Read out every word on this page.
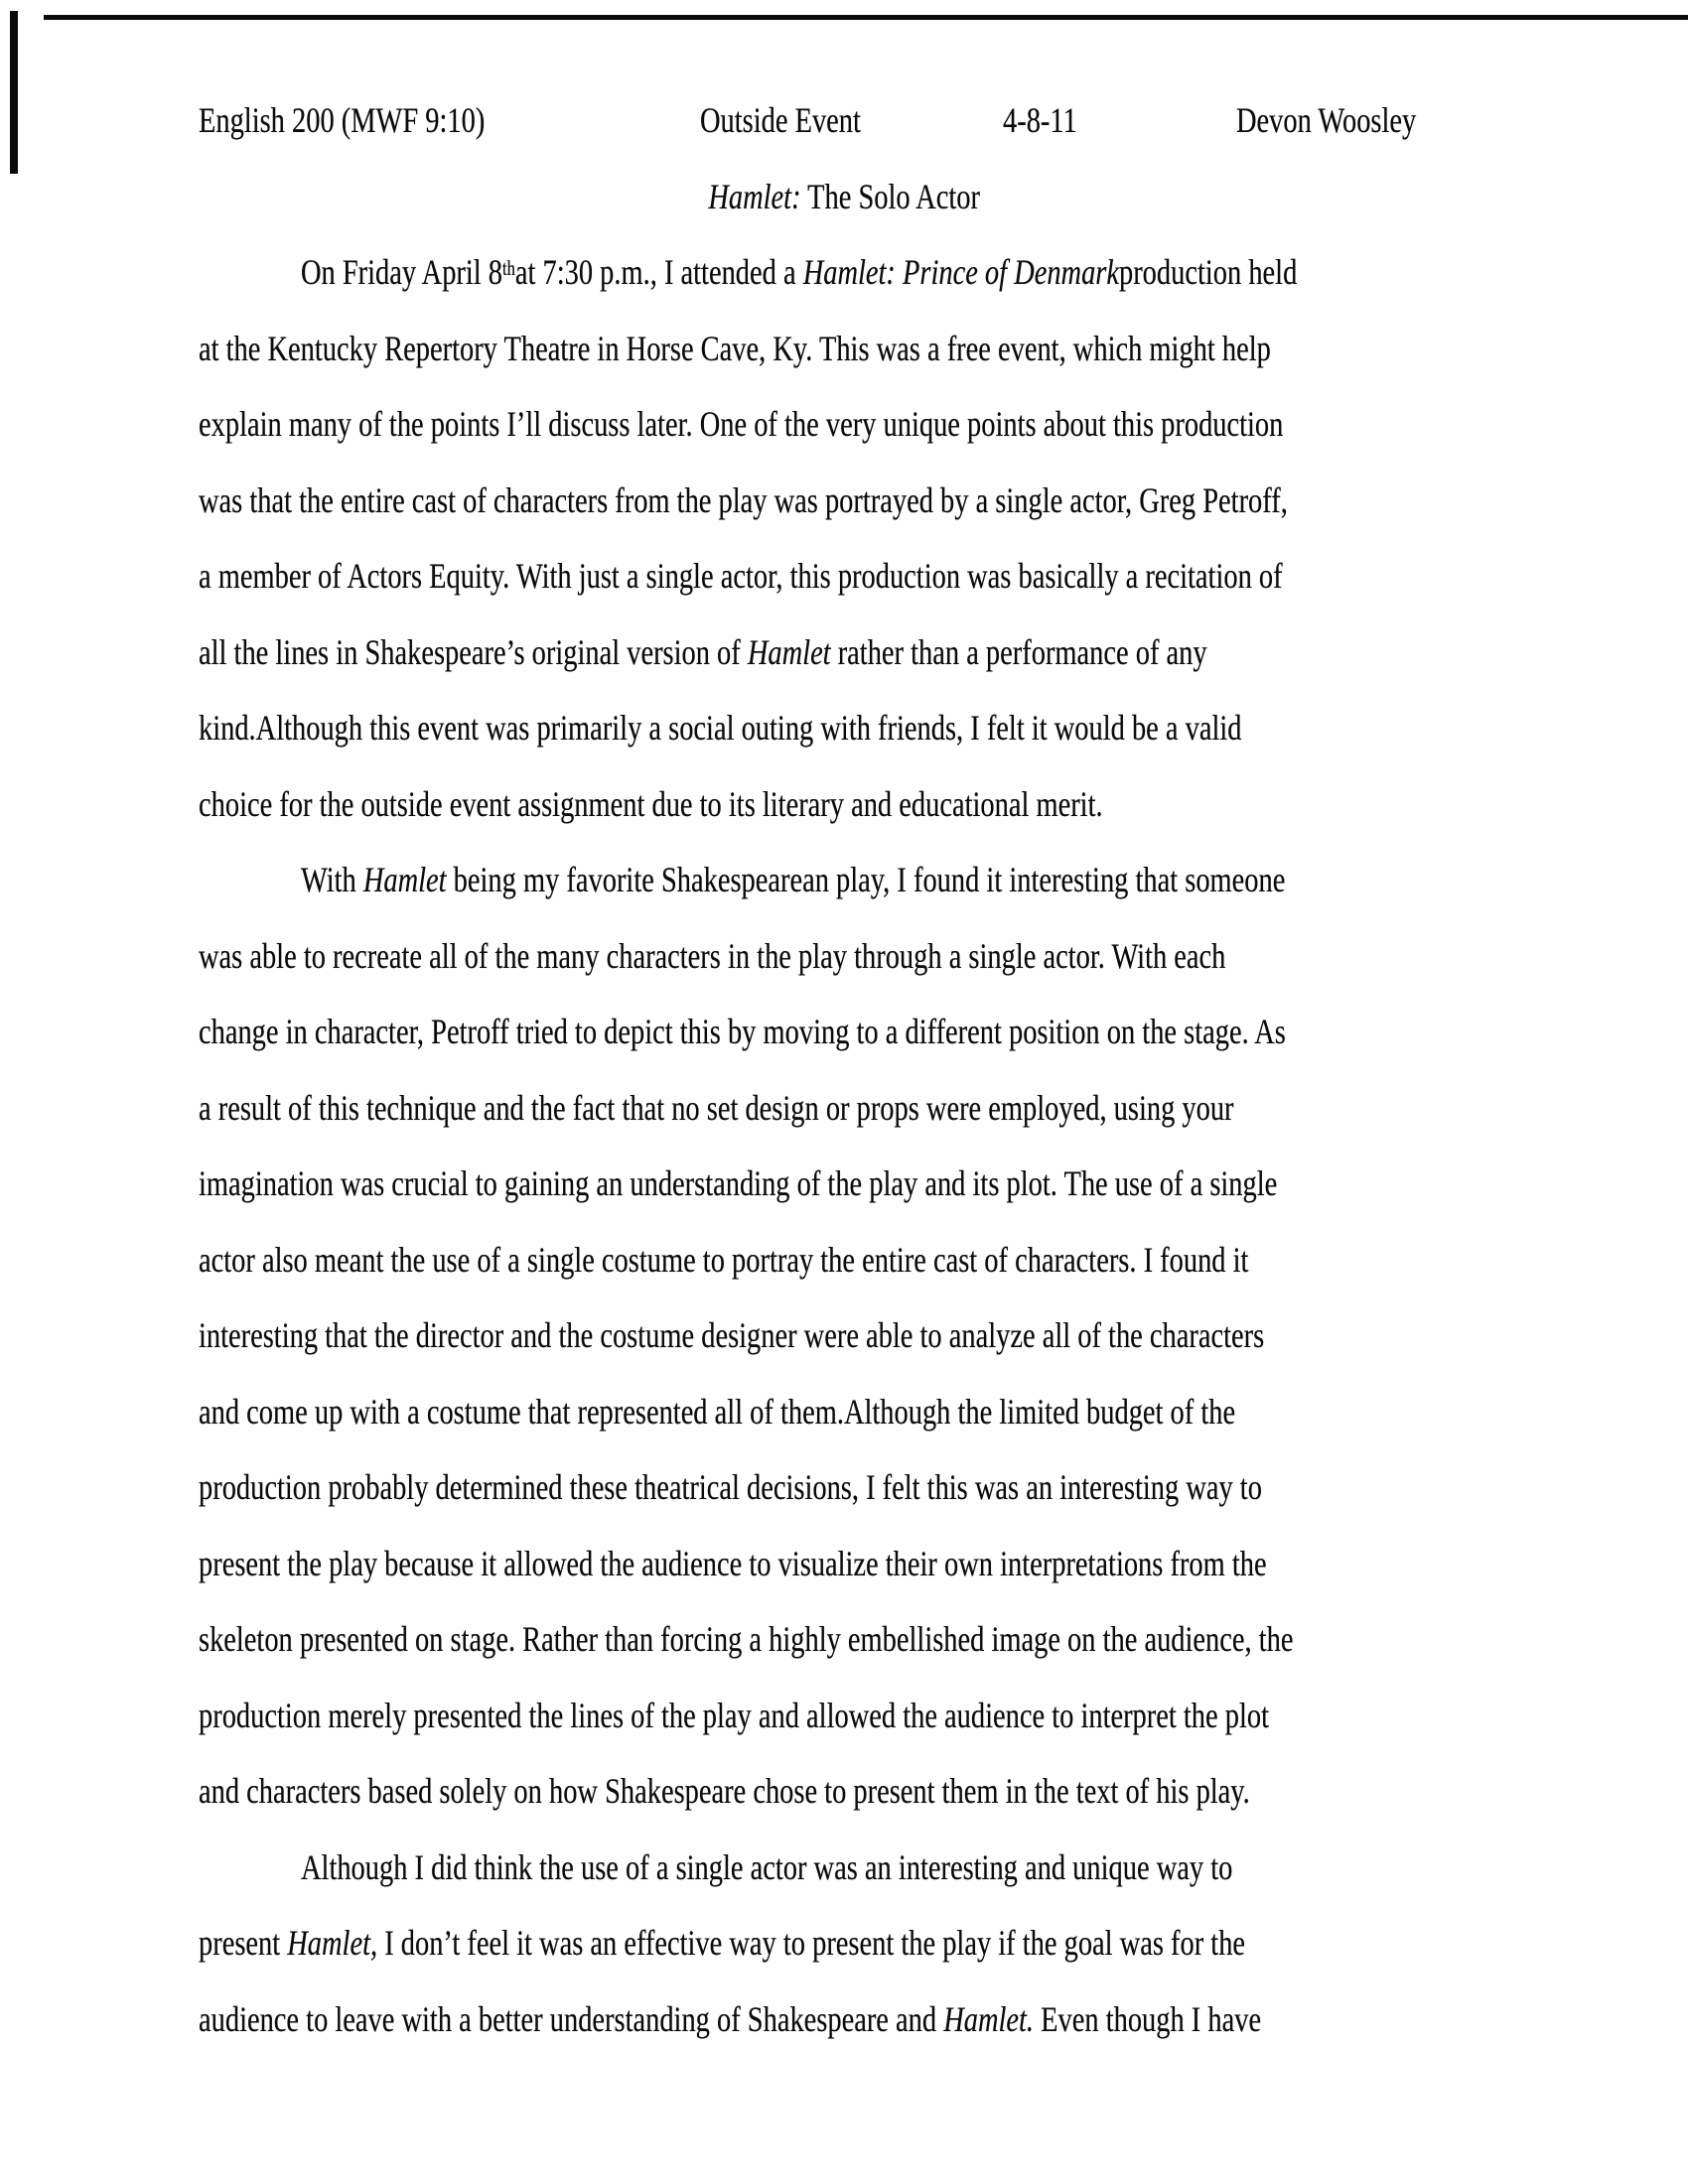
English 200 (MWF 9:10)	Outside Event	4-8-11	Devon Woosley
Hamlet: The Solo Actor
On Friday April 8that 7:30 p.m., I attended a Hamlet: Prince of Denmarkproduction held
at the Kentucky Repertory Theatre in Horse Cave, Ky. This was a free event, which might help
explain many of the points I’ll discuss later. One of the very unique points about this production
was that the entire cast of characters from the play was portrayed by a single actor, Greg Petroff,
a member of Actors Equity. With just a single actor, this production was basically a recitation of
all the lines in Shakespeare’s original version of Hamlet rather than a performance of any
kind.Although this event was primarily a social outing with friends, I felt it would be a valid
choice for the outside event assignment due to its literary and educational merit.
With Hamlet being my favorite Shakespearean play, I found it interesting that someone
was able to recreate all of the many characters in the play through a single actor. With each
change in character, Petroff tried to depict this by moving to a different position on the stage. As
a result of this technique and the fact that no set design or props were employed, using your
imagination was crucial to gaining an understanding of the play and its plot. The use of a single
actor also meant the use of a single costume to portray the entire cast of characters. I found it
interesting that the director and the costume designer were able to analyze all of the characters
and come up with a costume that represented all of them.Although the limited budget of the
production probably determined these theatrical decisions, I felt this was an interesting way to
present the play because it allowed the audience to visualize their own interpretations from the
skeleton presented on stage. Rather than forcing a highly embellished image on the audience, the
production merely presented the lines of the play and allowed the audience to interpret the plot
and characters based solely on how Shakespeare chose to present them in the text of his play.
Although I did think the use of a single actor was an interesting and unique way to
present Hamlet, I don’t feel it was an effective way to present the play if the goal was for the
audience to leave with a better understanding of Shakespeare and Hamlet. Even though I have
